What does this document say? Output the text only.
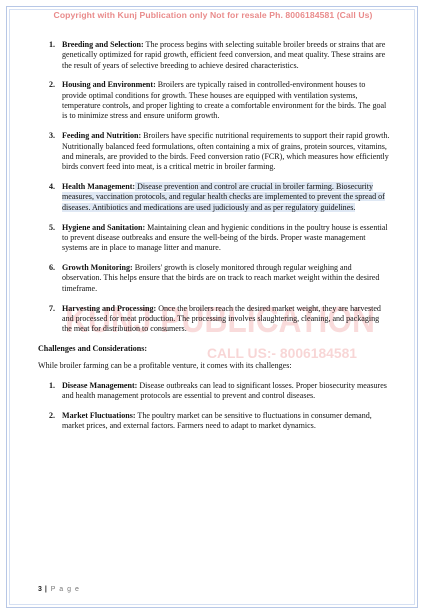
Copyright with Kunj Publication only Not for resale Ph. 8006184581 (Call Us)
KUNJ PUBLICATION
CALL US:- 8006184581
1. Breeding and Selection: The process begins with selecting suitable broiler breeds or strains that are genetically optimized for rapid growth, efficient feed conversion, and meat quality. These strains are the result of years of selective breeding to achieve desired characteristics.
2. Housing and Environment: Broilers are typically raised in controlled-environment houses to provide optimal conditions for growth. These houses are equipped with ventilation systems, temperature controls, and proper lighting to create a comfortable environment for the birds. The goal is to minimize stress and ensure uniform growth.
3. Feeding and Nutrition: Broilers have specific nutritional requirements to support their rapid growth. Nutritionally balanced feed formulations, often containing a mix of grains, protein sources, vitamins, and minerals, are provided to the birds. Feed conversion ratio (FCR), which measures how efficiently birds convert feed into meat, is a critical metric in broiler farming.
4. Health Management: Disease prevention and control are crucial in broiler farming. Biosecurity measures, vaccination protocols, and regular health checks are implemented to prevent the spread of diseases. Antibiotics and medications are used judiciously and as per regulatory guidelines.
5. Hygiene and Sanitation: Maintaining clean and hygienic conditions in the poultry house is essential to prevent disease outbreaks and ensure the well-being of the birds. Proper waste management systems are in place to manage litter and manure.
6. Growth Monitoring: Broilers' growth is closely monitored through regular weighing and observation. This helps ensure that the birds are on track to reach market weight within the desired timeframe.
7. Harvesting and Processing: Once the broilers reach the desired market weight, they are harvested and processed for meat production. The processing involves slaughtering, cleaning, and packaging the meat for distribution to consumers.
Challenges and Considerations:
While broiler farming can be a profitable venture, it comes with its challenges:
1. Disease Management: Disease outbreaks can lead to significant losses. Proper biosecurity measures and health management protocols are essential to prevent and control diseases.
2. Market Fluctuations: The poultry market can be sensitive to fluctuations in consumer demand, market prices, and external factors. Farmers need to adapt to market dynamics.
3 | P a g e
